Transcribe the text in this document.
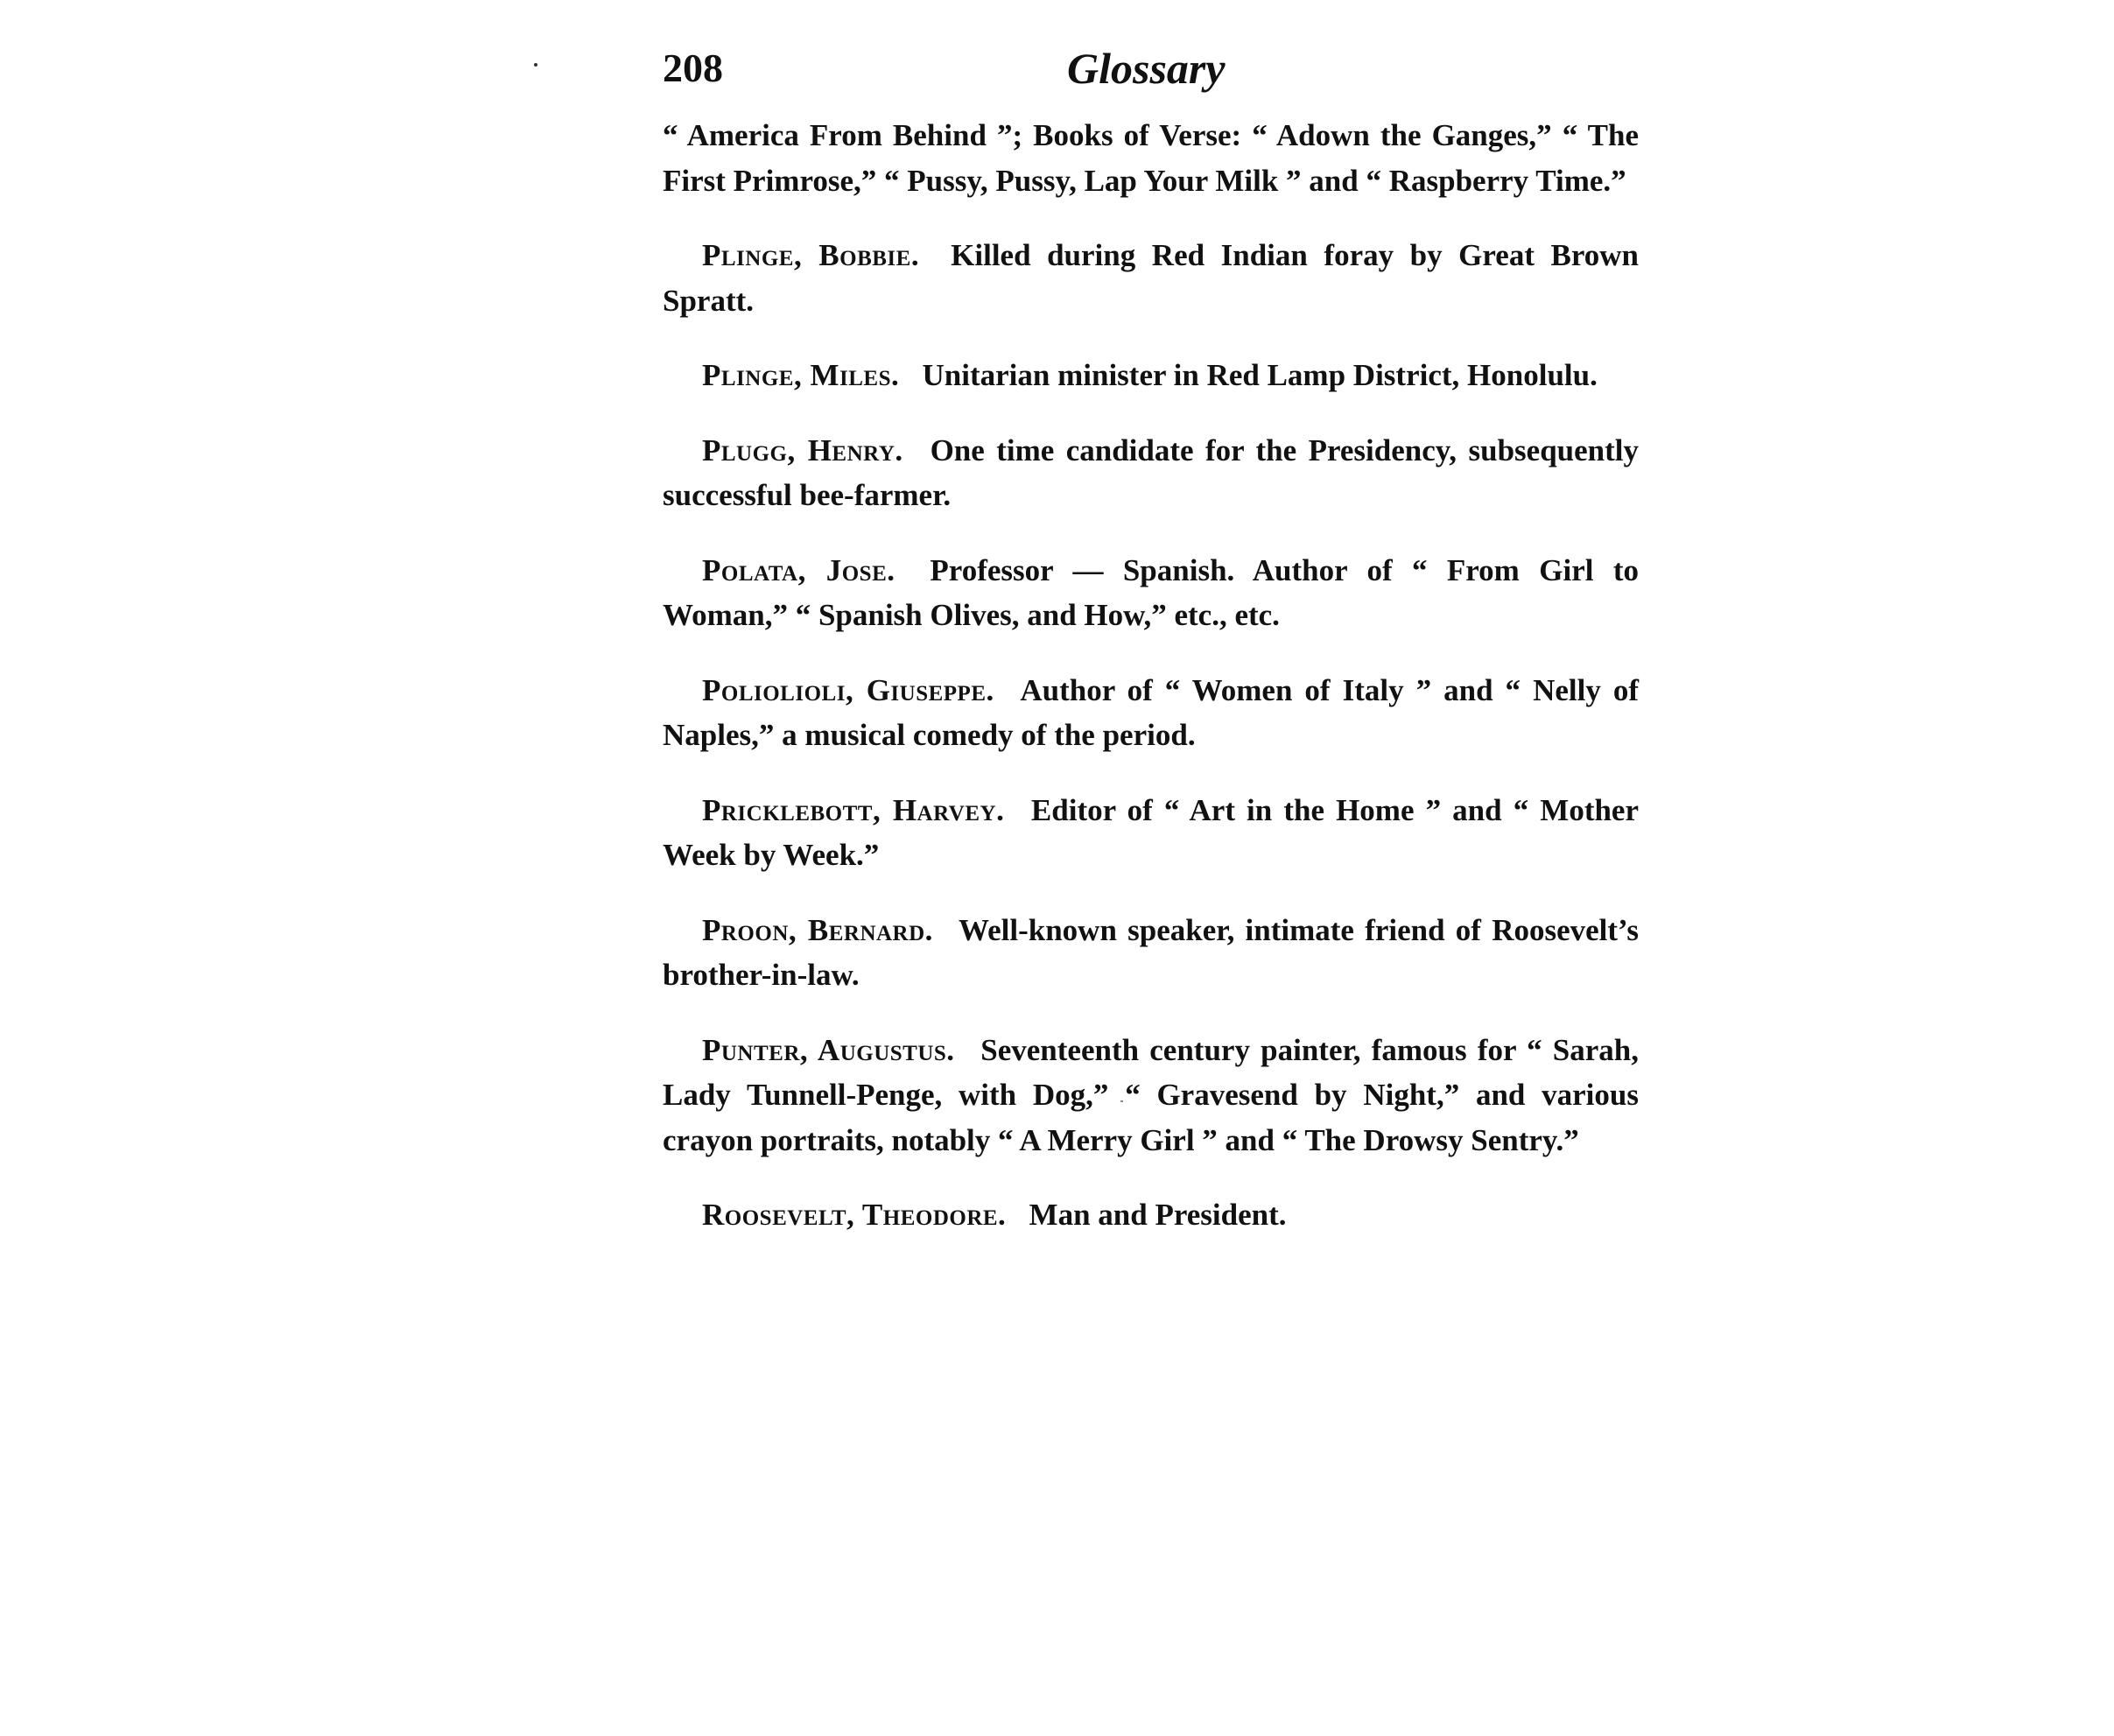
208	Glossary

“ America From Behind ”; Books of Verse: “ Adown the Ganges,” “ The First Primrose,” “ Pussy, Pussy, Lap Your Milk ” and “ Raspberry Time.”

Plinge, Bobbie.  Killed during Red Indian foray by Great Brown Spratt.

Plinge, Miles.  Unitarian minister in Red Lamp District, Honolulu.

Plugg, Henry.  One time candidate for the Presidency, subsequently successful bee-farmer.

Polata, Jose.  Professor — Spanish. Author of “ From Girl to Woman,” “ Spanish Olives, and How,” etc., etc.

Poliolioli, Giuseppe.  Author of “ Women of Italy ” and “ Nelly of Naples,” a musical comedy of the period.

Pricklebott, Harvey.  Editor of “ Art in the Home ” and “ Mother Week by Week.”

Proon, Bernard.  Well-known speaker, intimate friend of Roosevelt’s brother-in-law.

Punter, Augustus.  Seventeenth century painter, famous for “ Sarah, Lady Tunnell-Penge, with Dog,” “ Gravesend by Night,” and various crayon portraits, notably “ A Merry Girl ” and “ The Drowsy Sentry.”

Roosevelt, Theodore.  Man and President.
